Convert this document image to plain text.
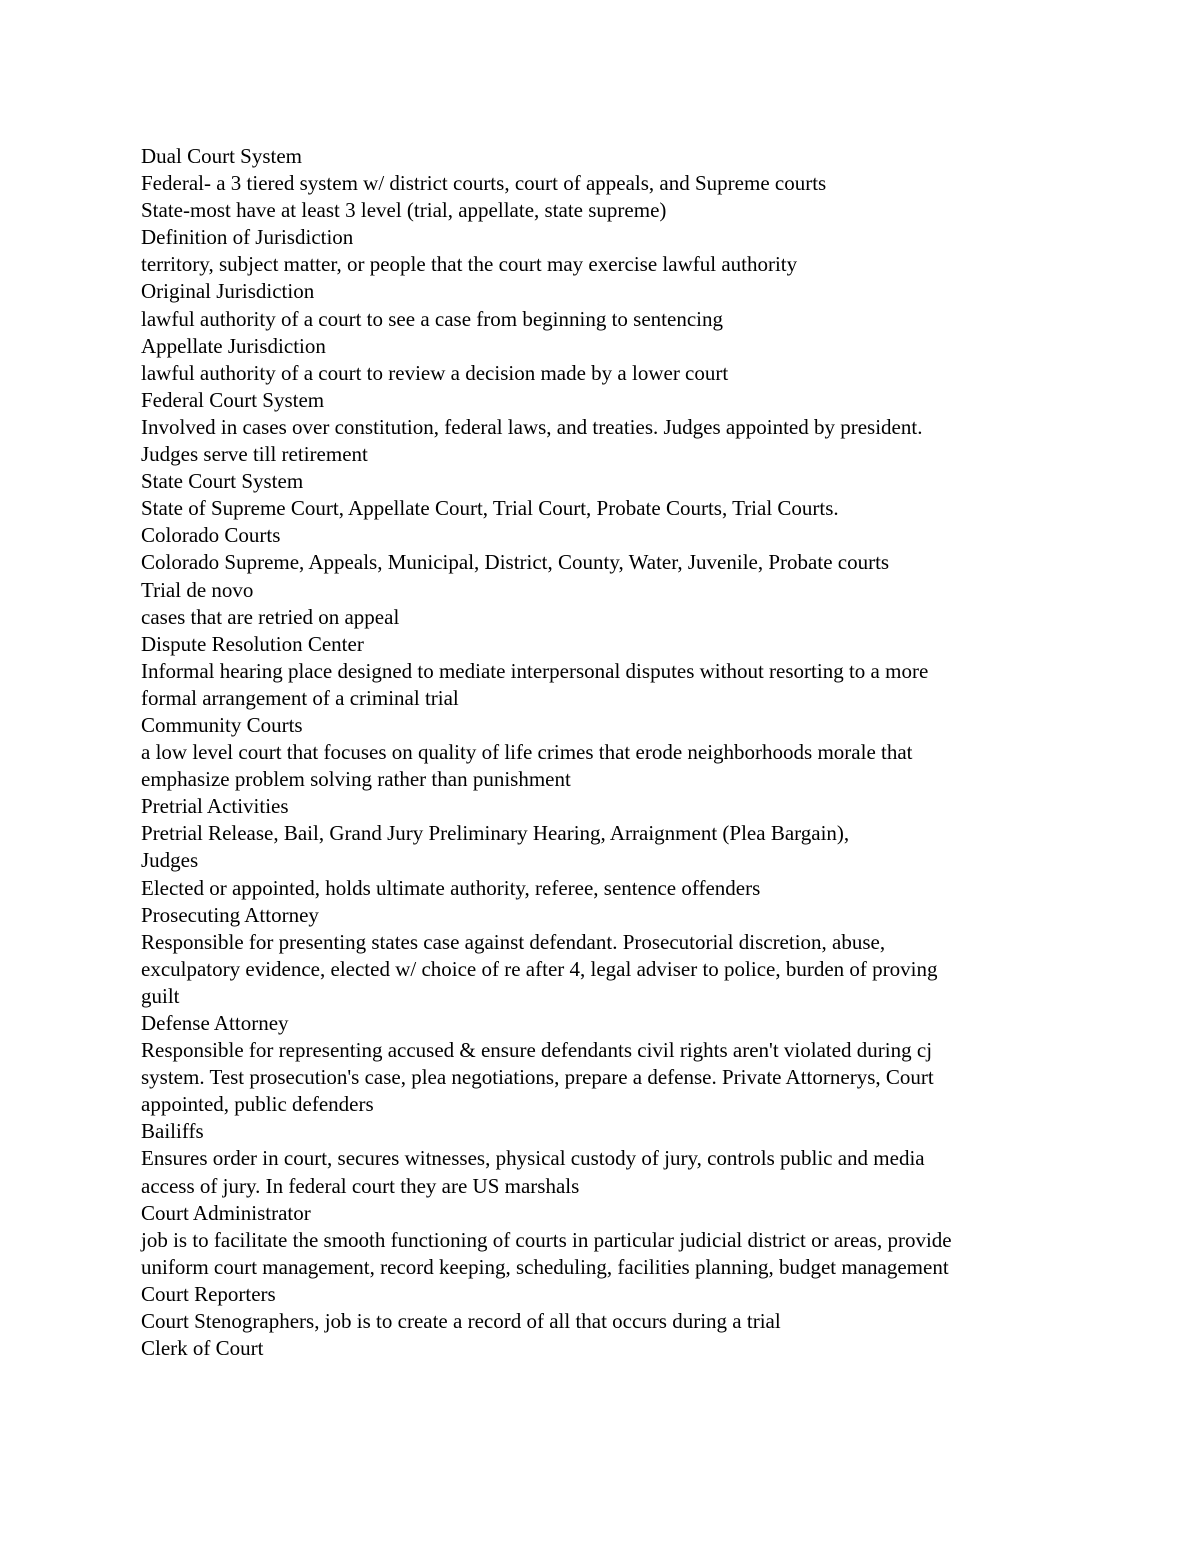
Dual Court System

Federal- a 3 tiered system w/ district courts, court of appeals, and Supreme courts

State-most have at least 3 level (trial, appellate, state supreme)

Definition of Jurisdiction

territory, subject matter, or people that the court may exercise lawful authority

Original Jurisdiction

lawful authority of a court to see a case from beginning to sentencing

Appellate Jurisdiction

lawful authority of a court to review a decision made by a lower court

Federal Court System

Involved in cases over constitution, federal laws, and treaties. Judges appointed by president.

Judges serve till retirement

State Court System

State of Supreme Court, Appellate Court, Trial Court, Probate Courts, Trial Courts.

Colorado Courts

Colorado Supreme, Appeals, Municipal, District, County, Water, Juvenile, Probate courts

Trial de novo

cases that are retried on appeal

Dispute Resolution Center

Informal hearing place designed to mediate interpersonal disputes without resorting to a more

formal arrangement of a criminal trial

Community Courts

a low level court that focuses on quality of life crimes that erode neighborhoods morale that

emphasize problem solving rather than punishment

Pretrial Activities

Pretrial Release, Bail, Grand Jury Preliminary Hearing, Arraignment (Plea Bargain),

Judges

Elected or appointed, holds ultimate authority, referee, sentence offenders

Prosecuting Attorney

Responsible for presenting states case against defendant. Prosecutorial discretion, abuse,

exculpatory evidence, elected w/ choice of re after 4, legal adviser to police, burden of proving

guilt

Defense Attorney

Responsible for representing accused & ensure defendants civil rights aren't violated during cj

system. Test prosecution's case, plea negotiations, prepare a defense. Private Attornerys, Court

appointed, public defenders

Bailiffs

Ensures order in court, secures witnesses, physical custody of jury, controls public and media

access of jury. In federal court they are US marshals

Court Administrator

job is to facilitate the smooth functioning of courts in particular judicial district or areas, provide

uniform court management, record keeping, scheduling, facilities planning, budget management

Court Reporters

Court Stenographers, job is to create a record of all that occurs during a trial

Clerk of Court
